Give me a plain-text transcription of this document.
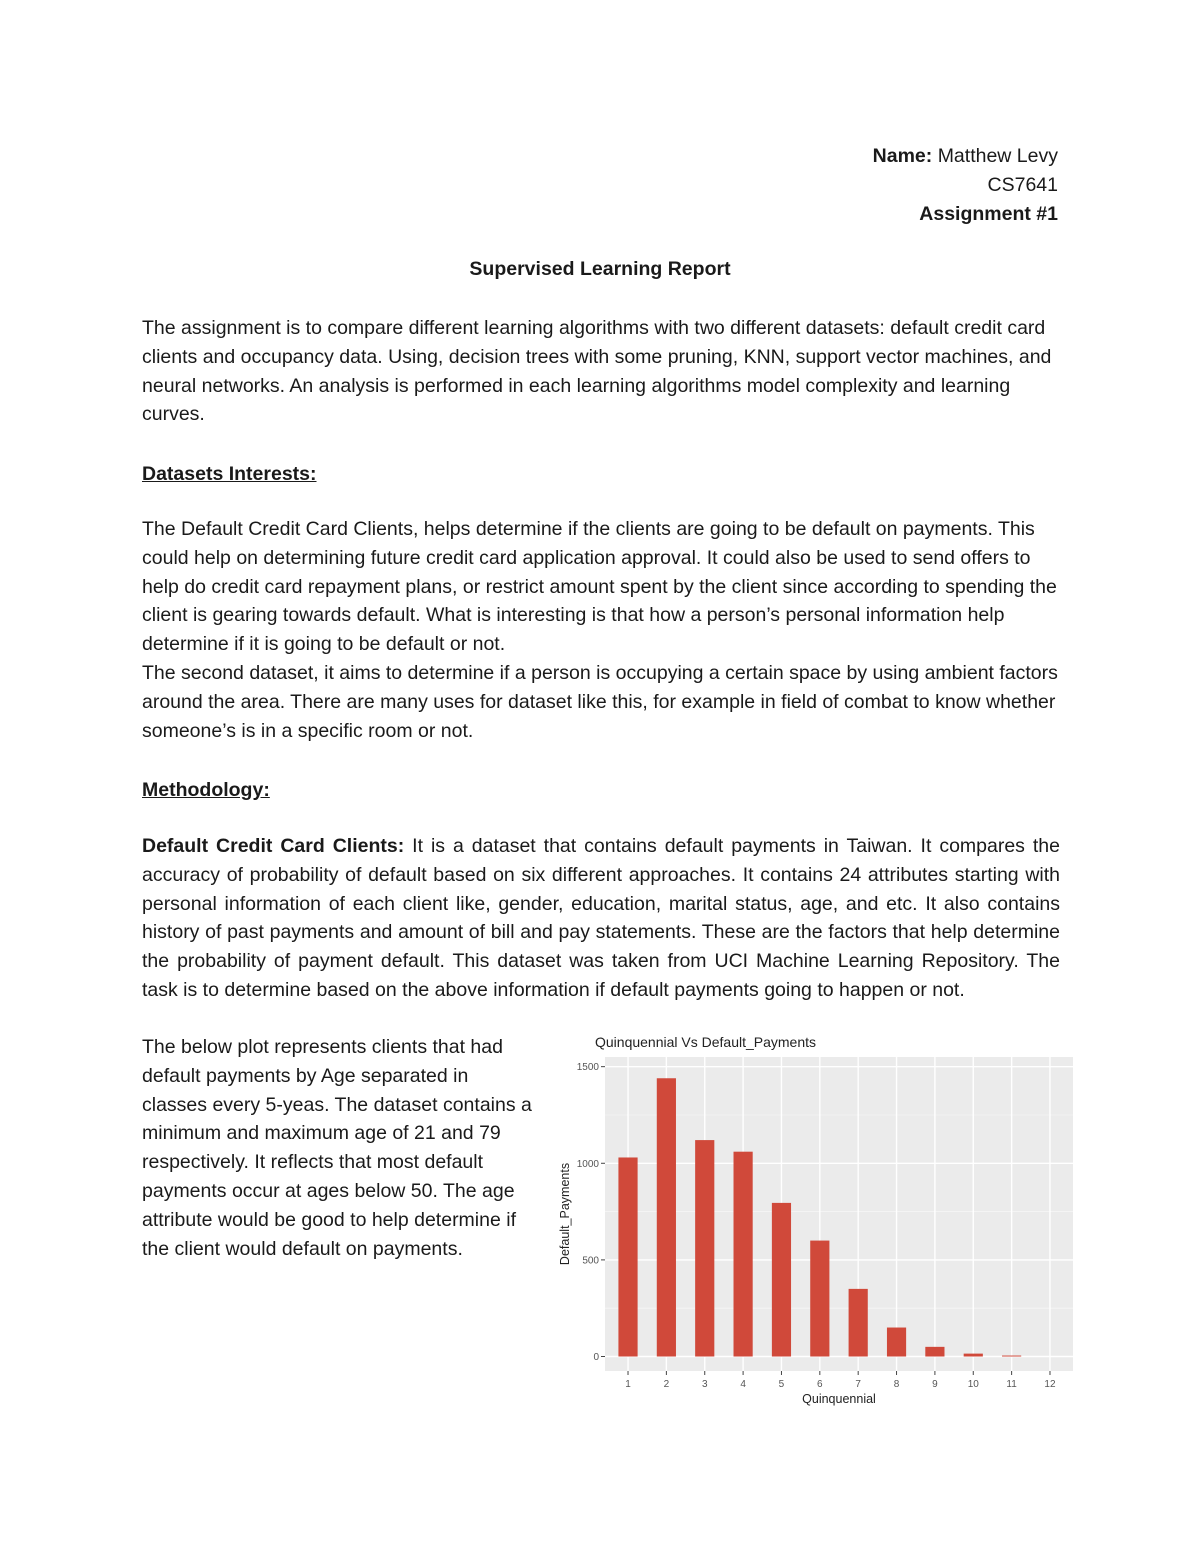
Name: Matthew Levy
CS7641
Assignment #1
Supervised Learning Report

The assignment is to compare different learning algorithms with two different datasets: default credit card clients and occupancy data. Using, decision trees with some pruning, KNN, support vector machines, and neural networks. An analysis is performed in each learning algorithms model complexity and learning curves.

Datasets Interests:

The Default Credit Card Clients, helps determine if the clients are going to be default on payments. This could help on determining future credit card application approval. It could also be used to send offers to help do credit card repayment plans, or restrict amount spent by the client since according to spending the client is gearing towards default. What is interesting is that how a person’s personal information help determine if it is going to be default or not.

The second dataset, it aims to determine if a person is occupying a certain space by using ambient factors around the area. There are many uses for dataset like this, for example in field of combat to know whether someone’s is in a specific room or not.

Methodology:

Default Credit Card Clients: It is a dataset that contains default payments in Taiwan. It compares the accuracy of probability of default based on six different approaches. It contains 24 attributes starting with personal information of each client like, gender, education, marital status, age, and etc. It also contains history of past payments and amount of bill and pay statements. These are the factors that help determine the probability of payment default. This dataset was taken from UCI Machine Learning Repository. The task is to determine based on the above information if default payments going to happen or not.

The below plot represents clients that had default payments by Age separated in classes every 5-yeas. The dataset contains a minimum and maximum age of 21 and 79 respectively. It reflects that most default payments occur at ages below 50. The age attribute would be good to help determine if the client would default on payments.

Quinquennial Vs Default_Payments
0
500
1000
1500
1	2	3	4	5	6	7	8	9	10	11	12
Quinquennial
Default_Payments
